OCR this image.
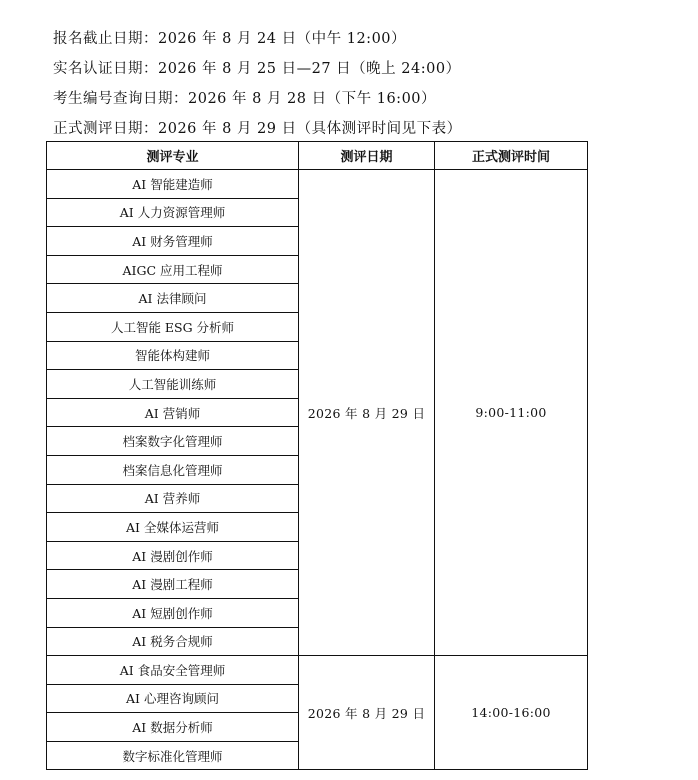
报名截止日期：2026 年 8 月 24 日（中午 12:00）
实名认证日期：2026 年 8 月 25 日—27 日（晚上 24:00）
考生编号查询日期：2026 年 8 月 28 日（下午 16:00）
正式测评日期：2026 年 8 月 29 日（具体测评时间见下表）
测评专业	测评日期	正式测评时间
AI 智能建造师	2026 年 8 月 29 日	9:00-11:00
AI 人力资源管理师		
AI 财务管理师		
AIGC 应用工程师		
AI 法律顾问		
人工智能 ESG 分析师		
智能体构建师		
人工智能训练师		
AI 营销师		
档案数字化管理师		
档案信息化管理师		
AI 营养师		
AI 全媒体运营师		
AI 漫剧创作师		
AI 漫剧工程师		
AI 短剧创作师		
AI 税务合规师		
AI 食品安全管理师	2026 年 8 月 29 日	14:00-16:00
AI 心理咨询顾问		
AI 数据分析师		
数字标准化管理师		
